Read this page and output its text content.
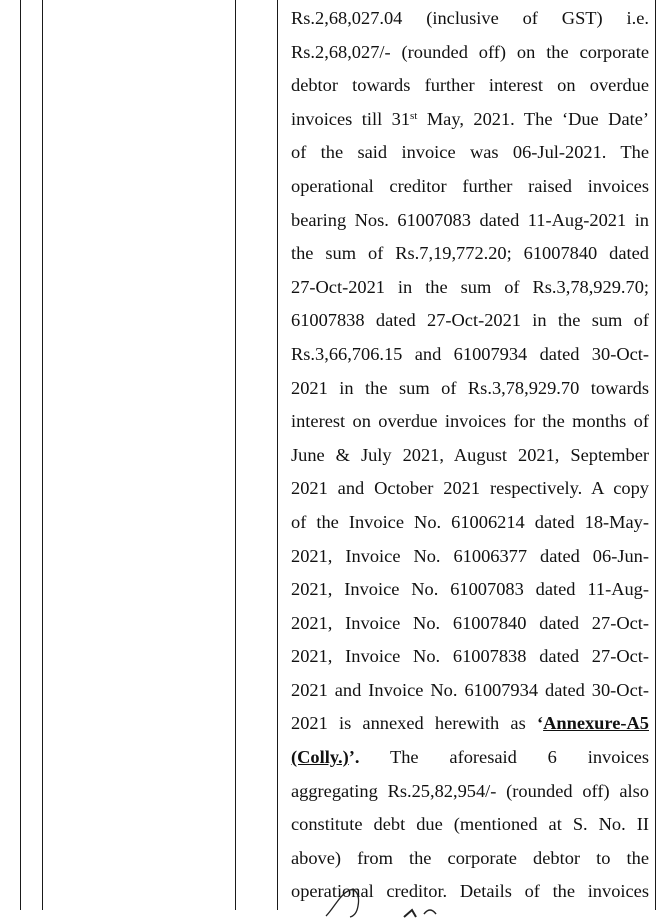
Rs.2,68,027.04 (inclusive of GST) i.e.
Rs.2,68,027/- (rounded off) on the corporate
debtor towards further interest on overdue
invoices till 31st May, 2021. The ‘Due Date’
of the said invoice was 06-Jul-2021. The
operational creditor further raised invoices
bearing Nos. 61007083 dated 11-Aug-2021 in
the sum of Rs.7,19,772.20; 61007840 dated
27-Oct-2021 in the sum of Rs.3,78,929.70;
61007838 dated 27-Oct-2021 in the sum of
Rs.3,66,706.15 and 61007934 dated 30-Oct-
2021 in the sum of Rs.3,78,929.70 towards
interest on overdue invoices for the months of
June & July 2021, August 2021, September
2021 and October 2021 respectively. A copy
of the Invoice No. 61006214 dated 18-May-
2021, Invoice No. 61006377 dated 06-Jun-
2021, Invoice No. 61007083 dated 11-Aug-
2021, Invoice No. 61007840 dated 27-Oct-
2021, Invoice No. 61007838 dated 27-Oct-
2021 and Invoice No. 61007934 dated 30-Oct-
2021 is annexed herewith as ‘Annexure-A5
(Colly.)’. The aforesaid 6 invoices
aggregating Rs.25,82,954/- (rounded off) also
constitute debt due (mentioned at S. No. II
above) from the corporate debtor to the
operational creditor. Details of the invoices
